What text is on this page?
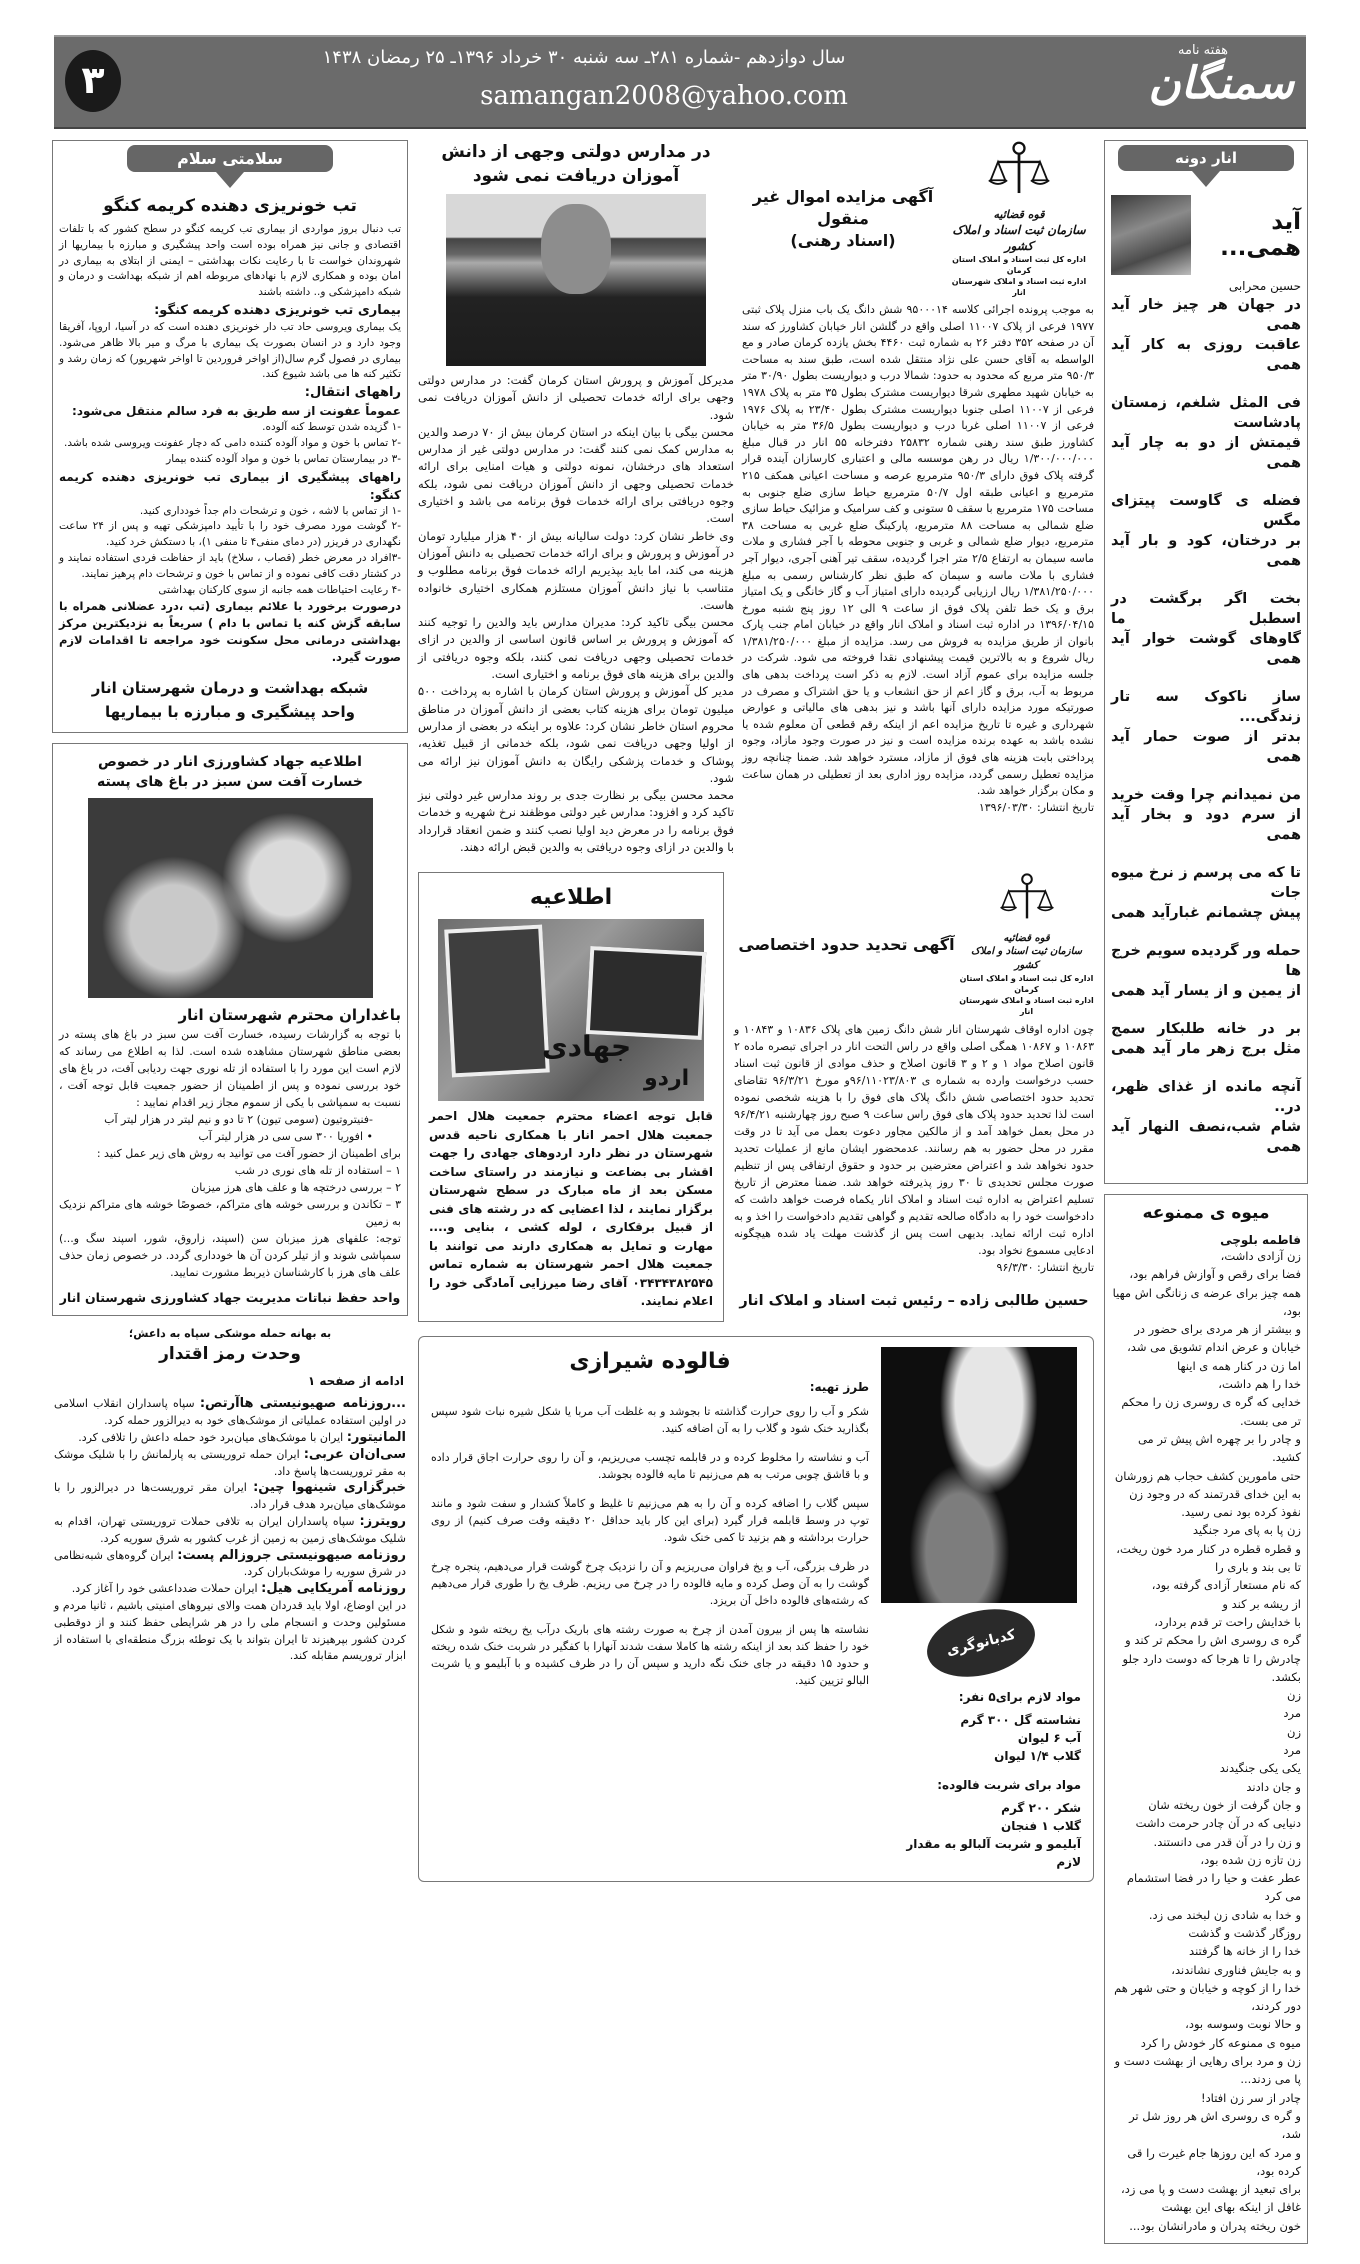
هفته نامه
سمنگان
سال دوازدهم -شماره ۲۸۱ـ سه شنبه ۳۰ خرداد ۱۳۹۶ـ ۲۵ رمضان ۱۴۳۸
samangan2008@yahoo.com
۳
انار دونه
آید همی...
حسین محرابی
در جهان هر چیز خار آید همی
عاقبت روزی به کار آید همی
فی المثل شلغم، زمستان پادشاست
قیمتش از دو به چار آید همی
فضله ی گاوست پیتزای مگس
بر درختان، کود و بار آید همی
بخت اگر برگشت در اسطبل ما
گاوهای گوشت خوار آید همی
ساز ناکوک سه تار زندگی...
بدتر از صوت حمار آید همی
من نمیدانم چرا وقت خرید
از سرم دود و بخار آید همی
تا که می پرسم ز نرخ میوه جات
پیش چشمانم غبارآید همی
حمله ور گردیده سویم خرج ها
از یمین و از یسار آید همی
بر در خانه طلبکار سمج
مثل برج زهر مار آید همی
آنچه مانده از غذای ظهر، در..
شام شب،نصف النهار آید همی
میوه ی ممنوعه
فاطمه بلوچی
زن آزادی داشت،
فضا برای رقص و آوازش فراهم بود،
همه چیز برای عرضه ی زنانگی اش مهیا بود،
و بیشتر از هر مردی برای حضور در خیابان و عرض اندام تشویق می شد،
اما زن در کنار همه ی اینها
خدا را هم داشت،
خدایی که گره ی روسری زن را محکم تر می بست.
و چادر را بر چهره اش پیش تر می کشید.
حتی مامورین کشف حجاب هم زورشان به این خدای قدرتمند که در وجود زن نفوذ کرده بود نمی رسید.
زن پا به پای مرد جنگید
و قطره قطره در کنار مرد خون ریخت،
تا بی بند و باری را
که نام مستعار آزادی گرفته بود،
از ریشه بر کند و
با خدایش راحت تر قدم بردارد،
گره ی روسری اش را محکم تر کند و چادرش را تا هرجا که دوست دارد جلو بکشد.
زن
مرد
زن
مرد
یکی یکی جنگیدند
و جان دادند
و جان گرفت از خون ریخته شان
دنیایی که در آن چادر حرمت داشت
و زن را در آن قدر می دانستند.
زن تازه زن شده بود،
عطر عفت و حیا را در فضا استشمام می کرد
و خدا به شادی زن لبخند می زد.
روزگار گذشت و گذشت
خدا را از خانه ها گرفتند
و به جایش فناوری نشاندند،
خدا را از کوچه و خیابان و حتی شهر هم دور کردند،
و حالا نوبت وسوسه بود،
میوه ی ممنوعه کار خودش را کرد
زن و مرد برای رهایی از بهشت دست و پا می زدند...
چادر از سر زن افتاد!
و گره ی روسری اش هر روز شل تر شد،
و مرد که این روزها جام غیرت را قی کرده بود،
برای تبعید از بهشت دست و پا می زد، غافل از اینکه بهای این بهشت
خون ریخته پدران و مادرانشان بود...
سلامتی سلام
تب خونریزی دهنده کریمه کنگو
تب دنبال بروز مواردی از بیماری تب کریمه کنگو در سطح کشور که با تلفات اقتصادی و جانی نیز همراه بوده است واحد پیشگیری و مبارزه با بیماریها از شهروندان خواست تا با رعایت نکات بهداشتی – ایمنی از ابتلای به بیماری در امان بوده و همکاری لازم با نهادهای مربوطه اهم از شبکه بهداشت و درمان و شبکه دامپزشکی و.. داشته باشند
بیماری تب خونریزی دهنده کریمه کنگو:
یک بیماری ویروسی حاد تب دار خونریزی دهنده است که در آسیا، اروپا، آفریقا وجود دارد و در انسان بصورت یک بیماری با مرگ و میر بالا ظاهر می‌شود. بیماری در فصول گرم سال(از اواخر فروردین تا اواخر شهریور) که زمان رشد و تکثیر کنه ها می باشد شیوع کند.
راههای انتقال:
عموماً عفونت از سه طریق به فرد سالم منتقل می‌شود:
-۱ گزیده شدن توسط کنه آلوده.
-۲ تماس با خون و مواد آلوده کننده دامی که دچار عفونت ویروسی شده باشد.
-۳ در بیمارستان تماس با خون و مواد آلوده کننده بیمار
راههای پیشگیری از بیماری تب خونریزی دهنده کریمه کنگو:
-۱ از تماس با لاشه ، خون و ترشحات دام جداً خودداری کنید.
-۲ گوشت مورد مصرف خود را با تأیید دامپزشکی تهیه و پس از ۲۴ ساعت نگهداری در فریزر (در دمای منفی۴ تا منفی ۱)، با دستکش خرد کنید.
-۳افراد در معرض خطر (قصاب ، سلاخ) باید از حفاظت فردی استفاده نمایند و در کشتار دقت کافی نموده و از تماس با خون و ترشحات دام پرهیز نمایند.
-۴ رعایت احتیاطات همه جانبه از سوی کارکنان بهداشتی
درصورت برخورد با علائم بیماری (تب ،درد عضلانی همراه با سابقه گزش کنه یا تماس با دام ) سریعاً به نزدیکترین مرکز بهداشتی درمانی محل سکونت خود مراجعه تا اقدامات لازم صورت گیرد.
شبکه بهداشت و درمان شهرستان انار
واحد پیشگیری و مبارزه با بیماریها
اطلاعیه جهاد کشاورزی انار در خصوص خسارت آفت سن سبز در باغ های پسته
باغداران محترم شهرستان انار
با توجه به گزارشات رسیده، خسارت آفت سن سبز در باغ های پسته در بعضی مناطق شهرستان مشاهده شده است. لذا به اطلاع می رساند که لازم است این مورد را با استفاده از تله نوری جهت ردیابی آفت، در باغ های خود بررسی نموده و پس از اطمینان از حضور جمعیت قابل توجه آفت ، نسبت به سمپاشی با یکی از سموم مجاز زیر اقدام نمایید :
-فنیتروتیون (سومی تیون) ۲ تا دو و نیم لیتر در هزار لیتر آب
• افوریا ۳۰۰ سی سی در هزار لیتر آب
برای اطمینان از حضور آفت می توانید به روش های زیر عمل کنید :
۱ – استفاده از تله های نوری در شب
۲ – بررسی درختچه ها و علف های هرز میزبان
۳ – تکاندن و بررسی خوشه های متراکم، خصوصًا خوشه های متراکم نزدیک به زمین
توجه: علفهای هرز میزبان سن (اسپند، زاروق، شور، اسپند سگ و...) سمپاشی شوند و از تیلر کردن آن ها خودداری گردد. در خصوص زمان حذف علف های هرز با کارشناسان ذیربط مشورت نمایید.
واحد حفظ نباتات مدیریت جهاد کشاورزی شهرستان انار
به بهانه حمله موشکی سپاه به داعش؛
وحدت رمز اقتدار
ادامه از صفحه ۱
...روزنامه صهیونیستی هاآرتص: سپاه پاسداران انقلاب اسلامی در اولین استفاده عملیاتی از موشک‌های خود به دیرالزور حمله کرد.
المانیتور: ایران با موشک‌های میان‌برد خود حمله داعش را تلافی کرد.
سی‌ان‌ان عربی: ایران حمله تروریستی به پارلمانش را با شلیک موشک به مقر تروریست‌ها پاسخ داد.
خبرگزاری شینهوا چین: ایران مقر تروریست‌ها در دیرالزور را با موشک‌های میان‌برد هدف قرار داد.
رویترز: سپاه پاسداران ایران به تلافی حملات تروریستی تهران، اقدام به شلیک موشک‌های زمین به زمین از غرب کشور به شرق سوریه کرد.
روزنامه صیهونیستی جروزالم پست: ایران گروه‌های شبه‌نظامی در شرق سوریه را موشک‌باران کرد.
روزنامه آمریکایی هیل: ایران حملات ضدداعشی خود را آغاز کرد.
در این اوضاع، اولا باید قدردان همت والای نیروهای امنیتی باشیم ، ثانیا مردم و مسئولین وحدت و انسجام ملی را در هر شرایطی حفظ کنند و از دوقطبی کردن کشور بپرهیزند تا ایران بتواند با یک توطئه بزرگ منطقه‌ای با استفاده از ابزار تروریسم مقابله کند.
در مدارس دولتی وجهی از دانش آموزان دریافت نمی شود
مدیرکل آموزش و پرورش استان کرمان گفت: در مدارس دولتی وجهی برای ارائه خدمات تحصیلی از دانش آموزان دریافت نمی شود.
محسن بیگی با بیان اینکه در استان کرمان بیش از ۷۰ درصد والدین به مدارس کمک نمی کنند گفت: در مدارس دولتی غیر از مدارس استعداد های درخشان، نمونه دولتی و هیات امنایی برای ارائه خدمات تحصیلی وجهی از دانش آموزان دریافت نمی شود، بلکه وجوه دریافتی برای ارائه خدمات فوق برنامه می باشد و اختیاری است.
وی خاطر نشان کرد: دولت سالیانه بیش از ۴۰ هزار میلیارد تومان در آموزش و پرورش و برای ارائه خدمات تحصیلی به دانش آموزان هزینه می کند، اما باید بپذیریم ارائه خدمات فوق برنامه مطلوب و متناسب با نیاز دانش آموزان مستلزم همکاری اختیاری خانواده هاست.
محسن بیگی تاکید کرد: مدیران مدارس باید والدین را توجیه کنند که آموزش و پرورش بر اساس قانون اساسی از والدین در ازای خدمات تحصیلی وجهی دریافت نمی کنند، بلکه وجوه دریافتی از والدین برای هزینه های فوق برنامه و اختیاری است.
مدیر کل آموزش و پرورش استان کرمان با اشاره به پرداخت ۵۰۰ میلیون تومان برای هزینه کتاب بعضی از دانش آموزان در مناطق محروم استان خاطر نشان کرد: علاوه بر اینکه در بعضی از مدارس از اولیا وجهی دریافت نمی شود، بلکه خدمانی از قبیل تغذیه، پوشاک و خدمات پزشکی رایگان به دانش آموزان نیز ارائه می شود.
محمد محسن بیگی بر نظارت جدی بر روند مدارس غیر دولتی نیز تاکید کرد و افزود: مدارس غیر دولتی موظفند نرخ شهریه و خدمات فوق برنامه را در معرض دید اولیا نصب کنند و ضمن انعقاد قرارداد با والدین در ازای وجوه دریافتی به والدین قبض ارائه دهند.
آگهی مزایده اموال غیر منقول
(اسناد رهنی)
قوه قضائیه
سازمان ثبت اسناد و املاک کشور
اداره کل ثبت اسناد و املاک استان کرمان
اداره ثبت اسناد و املاک شهرستان انار
به موجب پرونده اجرائی کلاسه ۹۵۰۰۰۱۴ شش دانگ یک باب منزل پلاک ثبتی ۱۹۷۷ فرعی از پلاک ۱۱۰۰۷ اصلی واقع در گلشن انار خیابان کشاورز که سند آن در صفحه ۳۵۲ دفتر ۲۶ به شماره ثبت ۴۴۶۰ بخش یازده کرمان صادر و مع الواسطه به آقای حسن علی نژاد منتقل شده است، طبق سند به مساحت ۹۵۰/۳ متر مربع که محدود به حدود: شمالا درب و دیواریست بطول ۳۰/۹۰ متر به خیابان شهید مطهری شرقا دیواریست مشترک بطول ۳۵ متر به پلاک ۱۹۷۸ فرعی از ۱۱۰۰۷ اصلی جنوبا دیواریست مشترک بطول ۲۳/۴۰ به پلاک ۱۹۷۶ فرعی از ۱۱۰۰۷ اصلی غربا درب و دیواریست بطول ۳۶/۵ متر به خیابان کشاورز طبق سند رهنی شماره ۲۵۸۳۲ دفترخانه ۵۵ انار در قبال مبلغ ۱/۳۰۰/۰۰۰/۰۰۰ ریال در رهن موسسه مالی و اعتباری کارسازان آینده قرار گرفته پلاک فوق دارای ۹۵۰/۳ مترمربع عرصه و مساحت اعیانی همکف ۲۱۵ مترمربع و اعیانی طبقه اول ۵۰/۷ مترمربع حیاط سازی ضلع جنوبی به مساحت ۱۷۵ مترمربع با سقف ۵ ستونی و کف سرامیک و مزائیک حیاط سازی ضلع شمالی به مساحت ۸۸ مترمربع، پارکینگ ضلع غربی به مساحت ۳۸ مترمربع، دیوار ضلع شمالی و غربی و جنوبی محوطه با آجر فشاری و ملات ماسه سیمان به ارتفاع ۲/۵ متر اجرا گردیده، سقف تیر آهنی آجری، دیوار آجر فشاری با ملات ماسه و سیمان که طبق نظر کارشناس رسمی به مبلغ ۱/۳۸۱/۲۵۰/۰۰۰ ریال ارزیابی گردیده دارای امتیاز آب و گاز خانگی و یک امتیاز برق و یک خط تلفن پلاک فوق از ساعت ۹ الی ۱۲ روز پنج شنبه مورخ ۱۳۹۶/۰۴/۱۵ در اداره ثبت اسناد و املاک انار واقع در خیابان امام جنب پارک بانوان از طریق مزایده به فروش می رسد. مزایده از مبلغ ۱/۳۸۱/۲۵۰/۰۰۰ ریال شروع و به بالاترین قیمت پیشنهادی نقدا فروخته می شود. شرکت در جلسه مزایده برای عموم آزاد است. لازم به ذکر است پرداخت بدهی های مربوط به آب، برق و گاز اعم از حق انشعاب و یا حق اشتراک و مصرف در صورتیکه مورد مزایده دارای آنها باشد و نیز بدهی های مالیاتی و عوارض شهرداری و غیره تا تاریخ مزایده اعم از اینکه رقم قطعی آن معلوم شده یا نشده باشد به عهده برنده مزایده است و نیز در صورت وجود مازاد، وجوه پرداختی بابت هزینه های فوق از مازاد، مسترد خواهد شد. ضمنا چنانچه روز مزایده تعطیل رسمی گردد، مزایده روز اداری بعد از تعطیلی در همان ساعت و مکان برگزار خواهد شد.
تاریخ انتشار: ۱۳۹۶/۰۳/۳۰
اطلاعیه
جهادی
اردو
قابل توجه اعضاء محترم جمعیت هلال احمر جمعیت هلال احمر انار با همکاری ناحیه قدس شهرستان در نظر دارد اردوهای جهادی را جهت اقشار بی بضاعت و نیازمند در راستای ساخت مسکن بعد از ماه مبارک در سطح شهرستان برگزار نمایند ، لذا اعضایی که در رشته های فنی از قبیل برقکاری ، لوله کشی ، بنایی و.... مهارت و تمایل به همکاری دارند می توانند با جمعیت هلال احمر شهرستان به شماره تماس ۰۳۴۳۴۳۸۲۵۴۵ آقای رضا میرزایی آمادگی خود را اعلام نمایند.
آگهی تحدید حدود اختصاصی	قوه قضائیه
سازمان ثبت اسناد و املاک کشور
اداره کل ثبت اسناد و املاک استان کرمان
اداره ثبت اسناد و املاک شهرستان انار
چون اداره اوقاف شهرستان انار شش دانگ زمین های پلاک ۱۰۸۳۶ و ۱۰۸۴۳ و ۱۰۸۶۳ و ۱۰۸۶۷ همگی اصلی واقع در راس التحت انار در اجرای تبصره ماده ۲ قانون اصلاح مواد ۱ و ۲ و ۳ قانون اصلاح و حذف موادی از قانون ثبت اسناد حسب درخواست وارده به شماره ی ۹۶/۱۱۰۲۳/۸۰۳و مورخ ۹۶/۳/۲۱ تقاضای تحدید حدود اختصاصی شش دانگ پلاک های فوق را با هزینه شخصی نموده است لذا تحدید حدود پلاک های فوق راس ساعت ۹ صبح روز چهارشنبه ۹۶/۴/۲۱ در محل بعمل خواهد آمد و از مالکین مجاور دعوت بعمل می آید تا در وقت مقرر در محل حضور به هم رسانند. عدمحضور ایشان مانع از عملیات تحدید حدود نخواهد شد و اعتراض معترضین بر حدود و حقوق ارتفاقی پس از تنظیم صورت مجلس تحدیدی تا ۳۰ روز پذیرفته خواهد شد. ضمنا معترض از تاریخ تسلیم اعتراض به اداره ثبت اسناد و املاک انار یکماه فرصت خواهد داشت که دادخواست خود را به دادگاه صالحه تقدیم و گواهی تقدیم دادخواست را اخذ و به اداره ثبت ارائه نماید. بدیهی است پس از گذشت مهلت یاد شده هیچگونه ادعایی مسموع نخواد بود.
تاریخ انتشار: ۹۶/۳/۳۰
حسین طالبی زاده – رئیس ثبت اسناد و املاک انار
فالوده شیرازی
طرز تهیه:
شکر و آب را روی حرارت گذاشته تا بجوشد و به غلظت آب مربا یا شکل شیره نبات شود سپس بگذارید خنک شود و گلاب را به آن اضافه کنید.
آب و نشاسته را مخلوط کرده و در قابلمه تچسب می‌ریزیم، و آن را روی حرارت اجاق قرار داده و با قاشق چوبی مرتب به هم می‌زنیم تا مایه فالوده بجوشد.
سپس گلاب را اضافه کرده و آن را به هم می‌زنیم تا غلیظ و کاملاً کشدار و سفت شود و مانند توپ در وسط قابلمه قرار گیرد (برای این کار باید حداقل ۲۰ دقیقه وقت صرف کنیم) از روی حرارت برداشته و هم بزنید تا کمی خنک شود.
در ظرف بزرگی، آب و یخ فراوان می‌ریزیم و آن را نزدیک چرخ گوشت قرار می‌دهیم، پنجره چرخ گوشت را به آن وصل کرده و مایه فالوده را در چرخ می ریزیم. ظرف یخ را طوری قرار می‌دهیم که رشته‌های فالوده داخل آن بریزد.
نشاسته ها پس از بیرون آمدن از چرخ به صورت رشته های باریک درآب یخ ریخته شود و شکل خود را حفظ کند بعد از اینکه رشته ها کاملا سفت شدند آنهارا با کفگیر در شربت خنک شده ریخته و حدود ۱۵ دقیقه در جای خنک نگه دارید و سپس آن را در ظرف کشیده و با آبلیمو و یا شربت البالو تزیین کنید.
کدبانوگری
مواد لازم برای۵ نفر:
نشاسته گل ۳۰۰ گرم
آب ۶ لیوان
گلاب ۱/۴ لیوان
مواد برای شربت فالوده:
شکر ۲۰۰ گرم
گلاب ۱ فنجان
آبلیمو و شربت آلبالو به مقدار لازم
